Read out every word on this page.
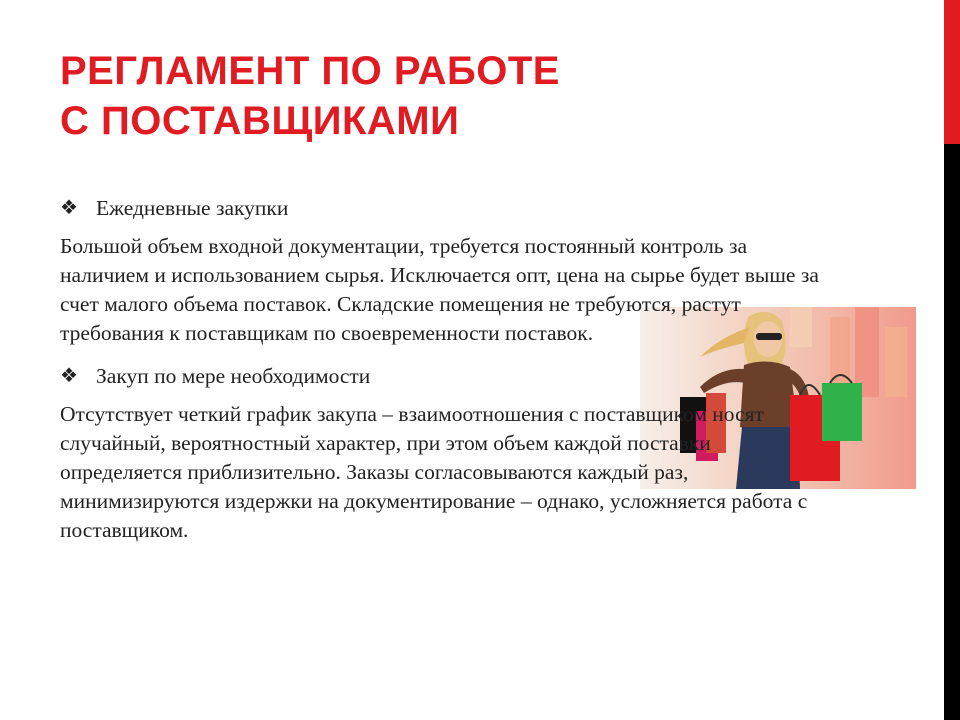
РЕГЛАМЕНТ ПО РАБОТЕ
С ПОСТАВЩИКАМИ
❖ Ежедневные закупки

Большой объем входной документации, требуется постоянный контроль за наличием и использованием сырья. Исключается опт, цена на сырье будет выше за счет малого объема поставок. Складские помещения не требуются, растут требования к поставщикам по своевременности поставок.

❖ Закуп по мере необходимости

Отсутствует четкий график закупа – взаимоотношения с поставщиком носят случайный, вероятностный характер, при этом объем каждой поставки определяется приблизительно. Заказы согласовываются каждый раз, минимизируются издержки на документирование – однако, усложняется работа с поставщиком.
